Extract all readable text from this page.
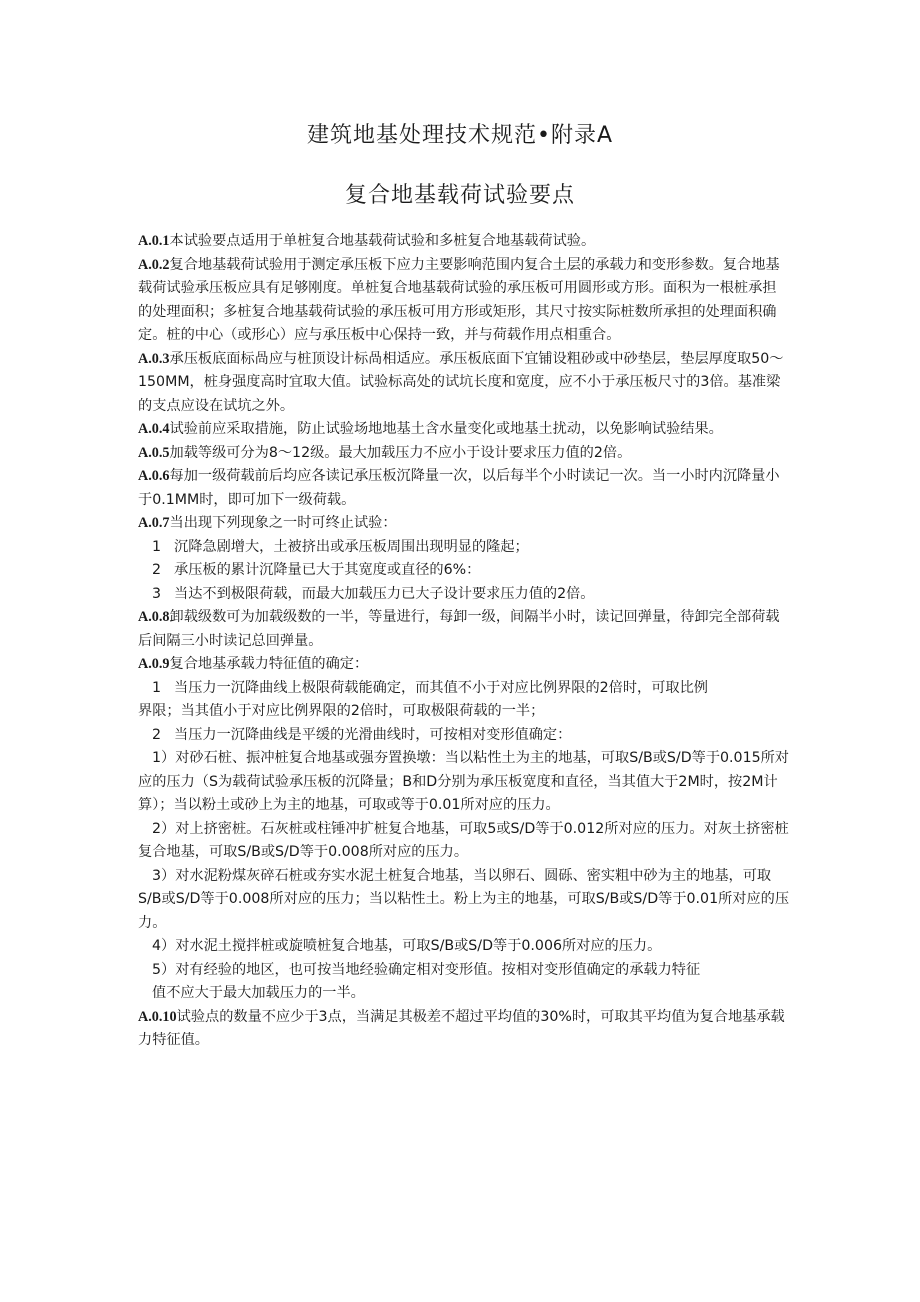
建筑地基处理技术规范•附录A
复合地基载荷试验要点

A.0.1本试验要点适用于单桩复合地基载荷试验和多桩复合地基载荷试验。

A.0.2复合地基载荷试验用于测定承压板下应力主要影响范围内复合土层的承载力和变形参数。复合地基载荷试验承压板应具有足够刚度。单桩复合地基载荷试验的承压板可用圆形或方形。面积为一根桩承担的处理面积；多桩复合地基载荷试验的承压板可用方形或矩形，其尺寸按实际桩数所承担的处理面积确定。桩的中心（或形心）应与承压板中心保持一致，并与荷载作用点相重合。

A.0.3承压板底面标咼应与桩顶设计标咼相适应。承压板底面下宜铺设粗砂或中砂垫层，垫层厚度取50～150MM，桩身强度高时宜取大值。试验标高处的试坑长度和宽度，应不小于承压板尺寸的3倍。基准梁的支点应设在试坑之外。

A.0.4试验前应采取措施，防止试验场地地基土含水量变化或地基土扰动，以免影响试验结果。

A.0.5加载等级可分为8～12级。最大加载压力不应小于设计要求压力值的2倍。

A.0.6每加一级荷载前后均应各读记承压板沉降量一次，以后每半个小时读记一次。当一小时内沉降量小于0.1MM时，即可加下一级荷载。

A.0.7当出现下列现象之一时可终止试验：

1 沉降急剧增大，土被挤出或承压板周围出现明显的隆起；

2 承压板的累计沉降量已大于其宽度或直径的6%：

3 当达不到极限荷载，而最大加载压力已大子设计要求压力值的2倍。

A.0.8卸载级数可为加载级数的一半，等量进行，每卸一级，间隔半小时，读记回弹量，待卸完全部荷载后间隔三小时读记总回弹量。

A.0.9复合地基承载力特征值的确定：

1 当压力一沉降曲线上极限荷载能确定，而其值不小于对应比例界限的2倍时，可取比例

界限；当其值小于对应比例界限的2倍时，可取极限荷载的一半；

2 当压力一沉降曲线是平缓的光滑曲线时，可按相对变形值确定：

1）对砂石桩、振冲桩复合地基或强夯置换墩：当以粘性土为主的地基，可取S/B或S/D等于0.015所对应的压力（S为载荷试验承压板的沉降量；B和D分别为承压板宽度和直径，当其值大于2M时，按2M计算）；当以粉土或砂上为主的地基，可取或等于0.01所对应的压力。

2）对上挤密桩。石灰桩或柱锤冲扩桩复合地基，可取5或S/D等于0.012所对应的压力。对灰土挤密桩复合地基，可取S/B或S/D等于0.008所对应的压力。

3）对水泥粉煤灰碎石桩或夯实水泥土桩复合地基，当以卵石、圆砾、密实粗中砂为主的地基，可取S/B或S/D等于0.008所对应的压力；当以粘性土。粉上为主的地基，可取S/B或S/D等于0.01所对应的压力。

4）对水泥土搅拌桩或旋喷桩复合地基，可取S/B或S/D等于0.006所对应的压力。

5）对有经验的地区，也可按当地经验确定相对变形值。按相对变形值确定的承载力特征
值不应大于最大加载压力的一半。

A.0.10试验点的数量不应少于3点，当满足其极差不超过平均值的30%时，可取其平均值为复合地基承载力特征值。
